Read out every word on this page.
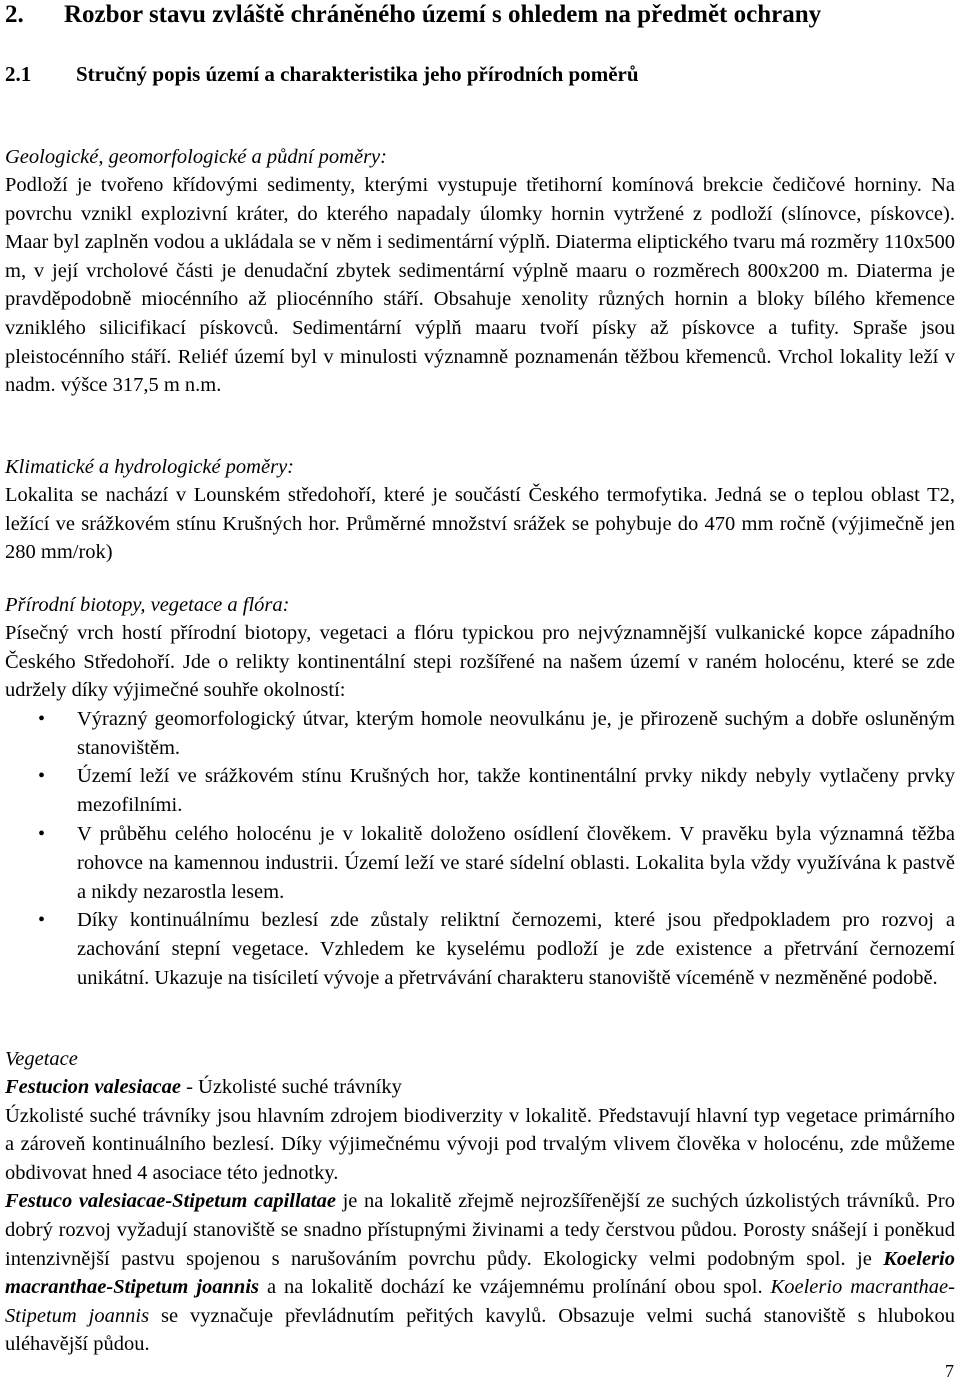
2. Rozbor stavu zvláště chráněného území s ohledem na předmět ochrany
2.1 Stručný popis území a charakteristika jeho přírodních poměrů
Geologické, geomorfologické a půdní poměry:

Podloží je tvořeno křídovými sedimenty, kterými vystupuje třetihorní komínová brekcie čedičové horniny. Na povrchu vznikl explozivní kráter, do kterého napadaly úlomky hornin vytržené z podloží (slínovce, pískovce). Maar byl zaplněn vodou a ukládala se v něm i sedimentární výplň. Diaterma eliptického tvaru má rozměry 110x500 m, v její vrcholové části je denudační zbytek sedimentární výplně maaru o rozměrech 800x200 m. Diaterma je pravděpodobně miocénního až pliocénního stáří. Obsahuje xenolity různých hornin a bloky bílého křemence vzniklého silicifikací pískovců. Sedimentární výplň maaru tvoří písky až pískovce a tufity. Spraše jsou pleistocénního stáří. Reliéf území byl v minulosti významně poznamenán těžbou křemenců. Vrchol lokality leží v nadm. výšce 317,5 m n.m.

Klimatické a hydrologické poměry:

Lokalita se nachází v Lounském středohoří, které je součástí Českého termofytika. Jedná se o teplou oblast T2, ležící ve srážkovém stínu Krušných hor. Průměrné množství srážek se pohybuje do 470 mm ročně (výjimečně jen 280 mm/rok)

Přírodní biotopy, vegetace a flóra:

Písečný vrch hostí přírodní biotopy, vegetaci a flóru typickou pro nejvýznamnější vulkanické kopce západního Českého Středohoří. Jde o relikty kontinentální stepi rozšířené na našem území v raném holocénu, které se zde udržely díky výjimečné souhře okolností:

• Výrazný geomorfologický útvar, kterým homole neovulkánu je, je přirozeně suchým a dobře osluněným stanovištěm.
• Území leží ve srážkovém stínu Krušných hor, takže kontinentální prvky nikdy nebyly vytlačeny prvky mezofilními.
• V průběhu celého holocénu je v lokalitě doloženo osídlení člověkem. V pravěku byla významná těžba rohovce na kamennou industrii. Území leží ve staré sídelní oblasti. Lokalita byla vždy využívána k pastvě a nikdy nezarostla lesem.
• Díky kontinuálnímu bezlesí zde zůstaly reliktní černozemi, které jsou předpokladem pro rozvoj a zachování stepní vegetace. Vzhledem ke kyselému podloží je zde existence a přetrvání černozemí unikátní. Ukazuje na tisíciletí vývoje a přetrvávání charakteru stanoviště víceméně v nezměněné podobě.
Vegetace
Festucion valesiacae - Úzkolisté suché trávníky

Úzkolisté suché trávníky jsou hlavním zdrojem biodiverzity v lokalitě. Představují hlavní typ vegetace primárního a zároveň kontinuálního bezlesí. Díky výjimečnému vývoji pod trvalým vlivem člověka v holocénu, zde můžeme obdivovat hned 4 asociace této jednotky.

Festuco valesiacae-Stipetum capillatae je na lokalitě zřejmě nejrozšířenější ze suchých úzkolistých trávníků. Pro dobrý rozvoj vyžadují stanoviště se snadno přístupnými živinami a tedy čerstvou půdou. Porosty snášejí i poněkud intenzivnější pastvu spojenou s narušováním povrchu půdy. Ekologicky velmi podobným spol. je Koelerio macranthae-Stipetum joannis a na lokalitě dochází ke vzájemnému prolínání obou spol. Koelerio macranthae-Stipetum joannis se vyznačuje převládnutím peřitých kavylů. Obsazuje velmi suchá stanoviště s hlubokou uléhavější půdou.

7
